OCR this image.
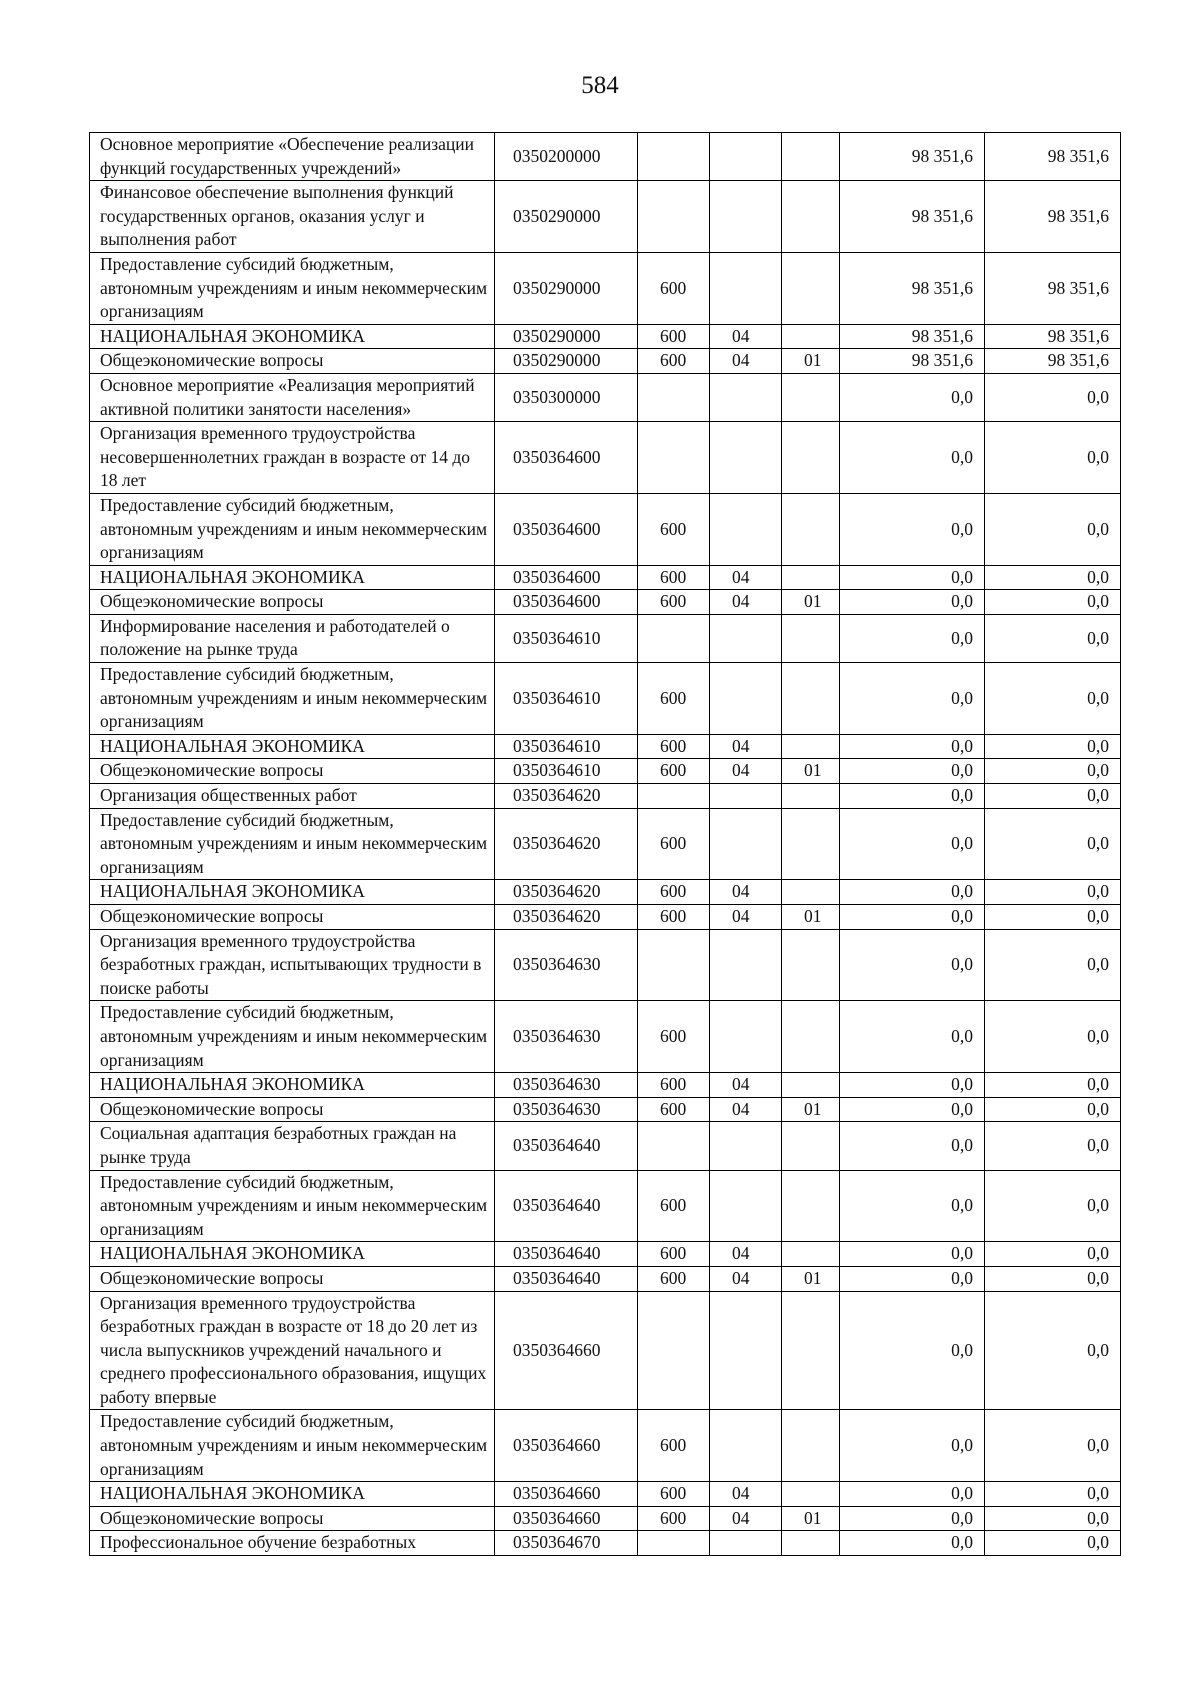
584
Основное мероприятие «Обеспечение реализации функций государственных учреждений»	0350200000				98 351,6	98 351,6
Финансовое обеспечение выполнения функций государственных органов, оказания услуг и выполнения работ	0350290000				98 351,6	98 351,6
Предоставление субсидий бюджетным, автономным учреждениям и иным некоммерческим организациям	0350290000	600			98 351,6	98 351,6
НАЦИОНАЛЬНАЯ ЭКОНОМИКА	0350290000	600	04		98 351,6	98 351,6
Общеэкономические вопросы	0350290000	600	04	01	98 351,6	98 351,6
Основное мероприятие «Реализация мероприятий активной политики занятости населения»	0350300000				0,0	0,0
Организация временного трудоустройства несовершеннолетних граждан в возрасте от 14 до 18 лет	0350364600				0,0	0,0
Предоставление субсидий бюджетным, автономным учреждениям и иным некоммерческим организациям	0350364600	600			0,0	0,0
НАЦИОНАЛЬНАЯ ЭКОНОМИКА	0350364600	600	04		0,0	0,0
Общеэкономические вопросы	0350364600	600	04	01	0,0	0,0
Информирование населения и работодателей о положение на рынке труда	0350364610				0,0	0,0
Предоставление субсидий бюджетным, автономным учреждениям и иным некоммерческим организациям	0350364610	600			0,0	0,0
НАЦИОНАЛЬНАЯ ЭКОНОМИКА	0350364610	600	04		0,0	0,0
Общеэкономические вопросы	0350364610	600	04	01	0,0	0,0
Организация общественных работ	0350364620				0,0	0,0
Предоставление субсидий бюджетным, автономным учреждениям и иным некоммерческим организациям	0350364620	600			0,0	0,0
НАЦИОНАЛЬНАЯ ЭКОНОМИКА	0350364620	600	04		0,0	0,0
Общеэкономические вопросы	0350364620	600	04	01	0,0	0,0
Организация временного трудоустройства безработных граждан, испытывающих трудности в поиске работы	0350364630				0,0	0,0
Предоставление субсидий бюджетным, автономным учреждениям и иным некоммерческим организациям	0350364630	600			0,0	0,0
НАЦИОНАЛЬНАЯ ЭКОНОМИКА	0350364630	600	04		0,0	0,0
Общеэкономические вопросы	0350364630	600	04	01	0,0	0,0
Социальная адаптация безработных граждан на рынке труда	0350364640				0,0	0,0
Предоставление субсидий бюджетным, автономным учреждениям и иным некоммерческим организациям	0350364640	600			0,0	0,0
НАЦИОНАЛЬНАЯ ЭКОНОМИКА	0350364640	600	04		0,0	0,0
Общеэкономические вопросы	0350364640	600	04	01	0,0	0,0
Организация временного трудоустройства безработных граждан в возрасте от 18 до 20 лет из числа выпускников учреждений начального и среднего профессионального образования, ищущих работу впервые	0350364660				0,0	0,0
Предоставление субсидий бюджетным, автономным учреждениям и иным некоммерческим организациям	0350364660	600			0,0	0,0
НАЦИОНАЛЬНАЯ ЭКОНОМИКА	0350364660	600	04		0,0	0,0
Общеэкономические вопросы	0350364660	600	04	01	0,0	0,0
Профессиональное обучение безработных	0350364670				0,0	0,0
